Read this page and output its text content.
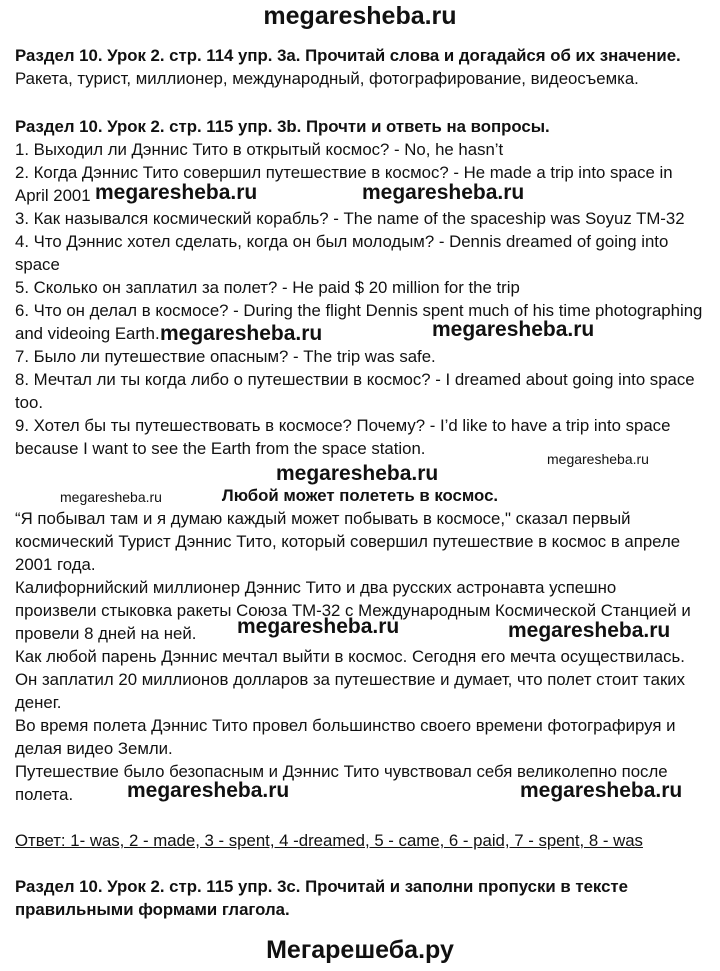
megaresheba.ru
Раздел 10. Урок 2. стр. 114 упр. 3a. Прочитай слова и догадайся об их значение.
Ракета, турист, миллионер, международный, фотографирование, видеосъемка.
Раздел 10. Урок 2. стр. 115 упр. 3b. Прочти и ответь на вопросы.
1. Выходил ли Дэннис Тито в открытый космос? - No, he hasn’t
2. Когда Дэннис Тито совершил путешествие в космос? - He made a trip into space in
April 2001
3. Как назывался космический корабль? - The name of the spaceship was Soyuz TM-32
4. Что Дэннис хотел сделать, когда он был молодым? - Dennis dreamed of going into
space
5. Сколько он заплатил за полет? - He paid $ 20 million for the trip
6. Что он делал в космосе? - During the flight Dennis spent much of his time photographing
and videoing Earth.
7. Было ли путешествие опасным? - The trip was safe.
8. Мечтал ли ты когда либо о путешествии в космос? - I dreamed about going into space
too.
9. Хотел бы ты путешествовать в космосе? Почему? - I’d like to have a trip into space
because I want to see the Earth from the space station.
Любой может полететь в космос.
“Я побывал там и я думаю каждый может побывать в космосе," сказал первый
космический Турист Дэннис Тито, который совершил путешествие в космос в апреле
2001 года.
Калифорнийский миллионер Дэннис Тито и два русских астронавта успешно
произвели стыковка ракеты Союза ТМ-32 с Международным Космической Станцией и
провели 8 дней на ней.
Как любой парень Дэннис мечтал выйти в космос. Сегодня его мечта осуществилась.
Он заплатил 20 миллионов долларов за путешествие и думает, что полет стоит таких
денег.
Во время полета Дэннис Тито провел большинство своего времени фотографируя и
делая видео Земли.
Путешествие было безопасным и Дэннис Тито чувствовал себя великолепно после
полета.
Ответ: 1- was, 2 - made, 3 - spent, 4 -dreamed, 5 - came, 6 - paid, 7 - spent, 8 - was
Раздел 10. Урок 2. стр. 115 упр. 3c. Прочитай и заполни пропуски в тексте
правильными формами глагола.
megaresheba.ru	megaresheba.ru
megaresheba.ru	megaresheba.ru
megaresheba.ru
megaresheba.ru
megaresheba.ru
megaresheba.ru	megaresheba.ru
megaresheba.ru	megaresheba.ru
Мегарешеба.ру
